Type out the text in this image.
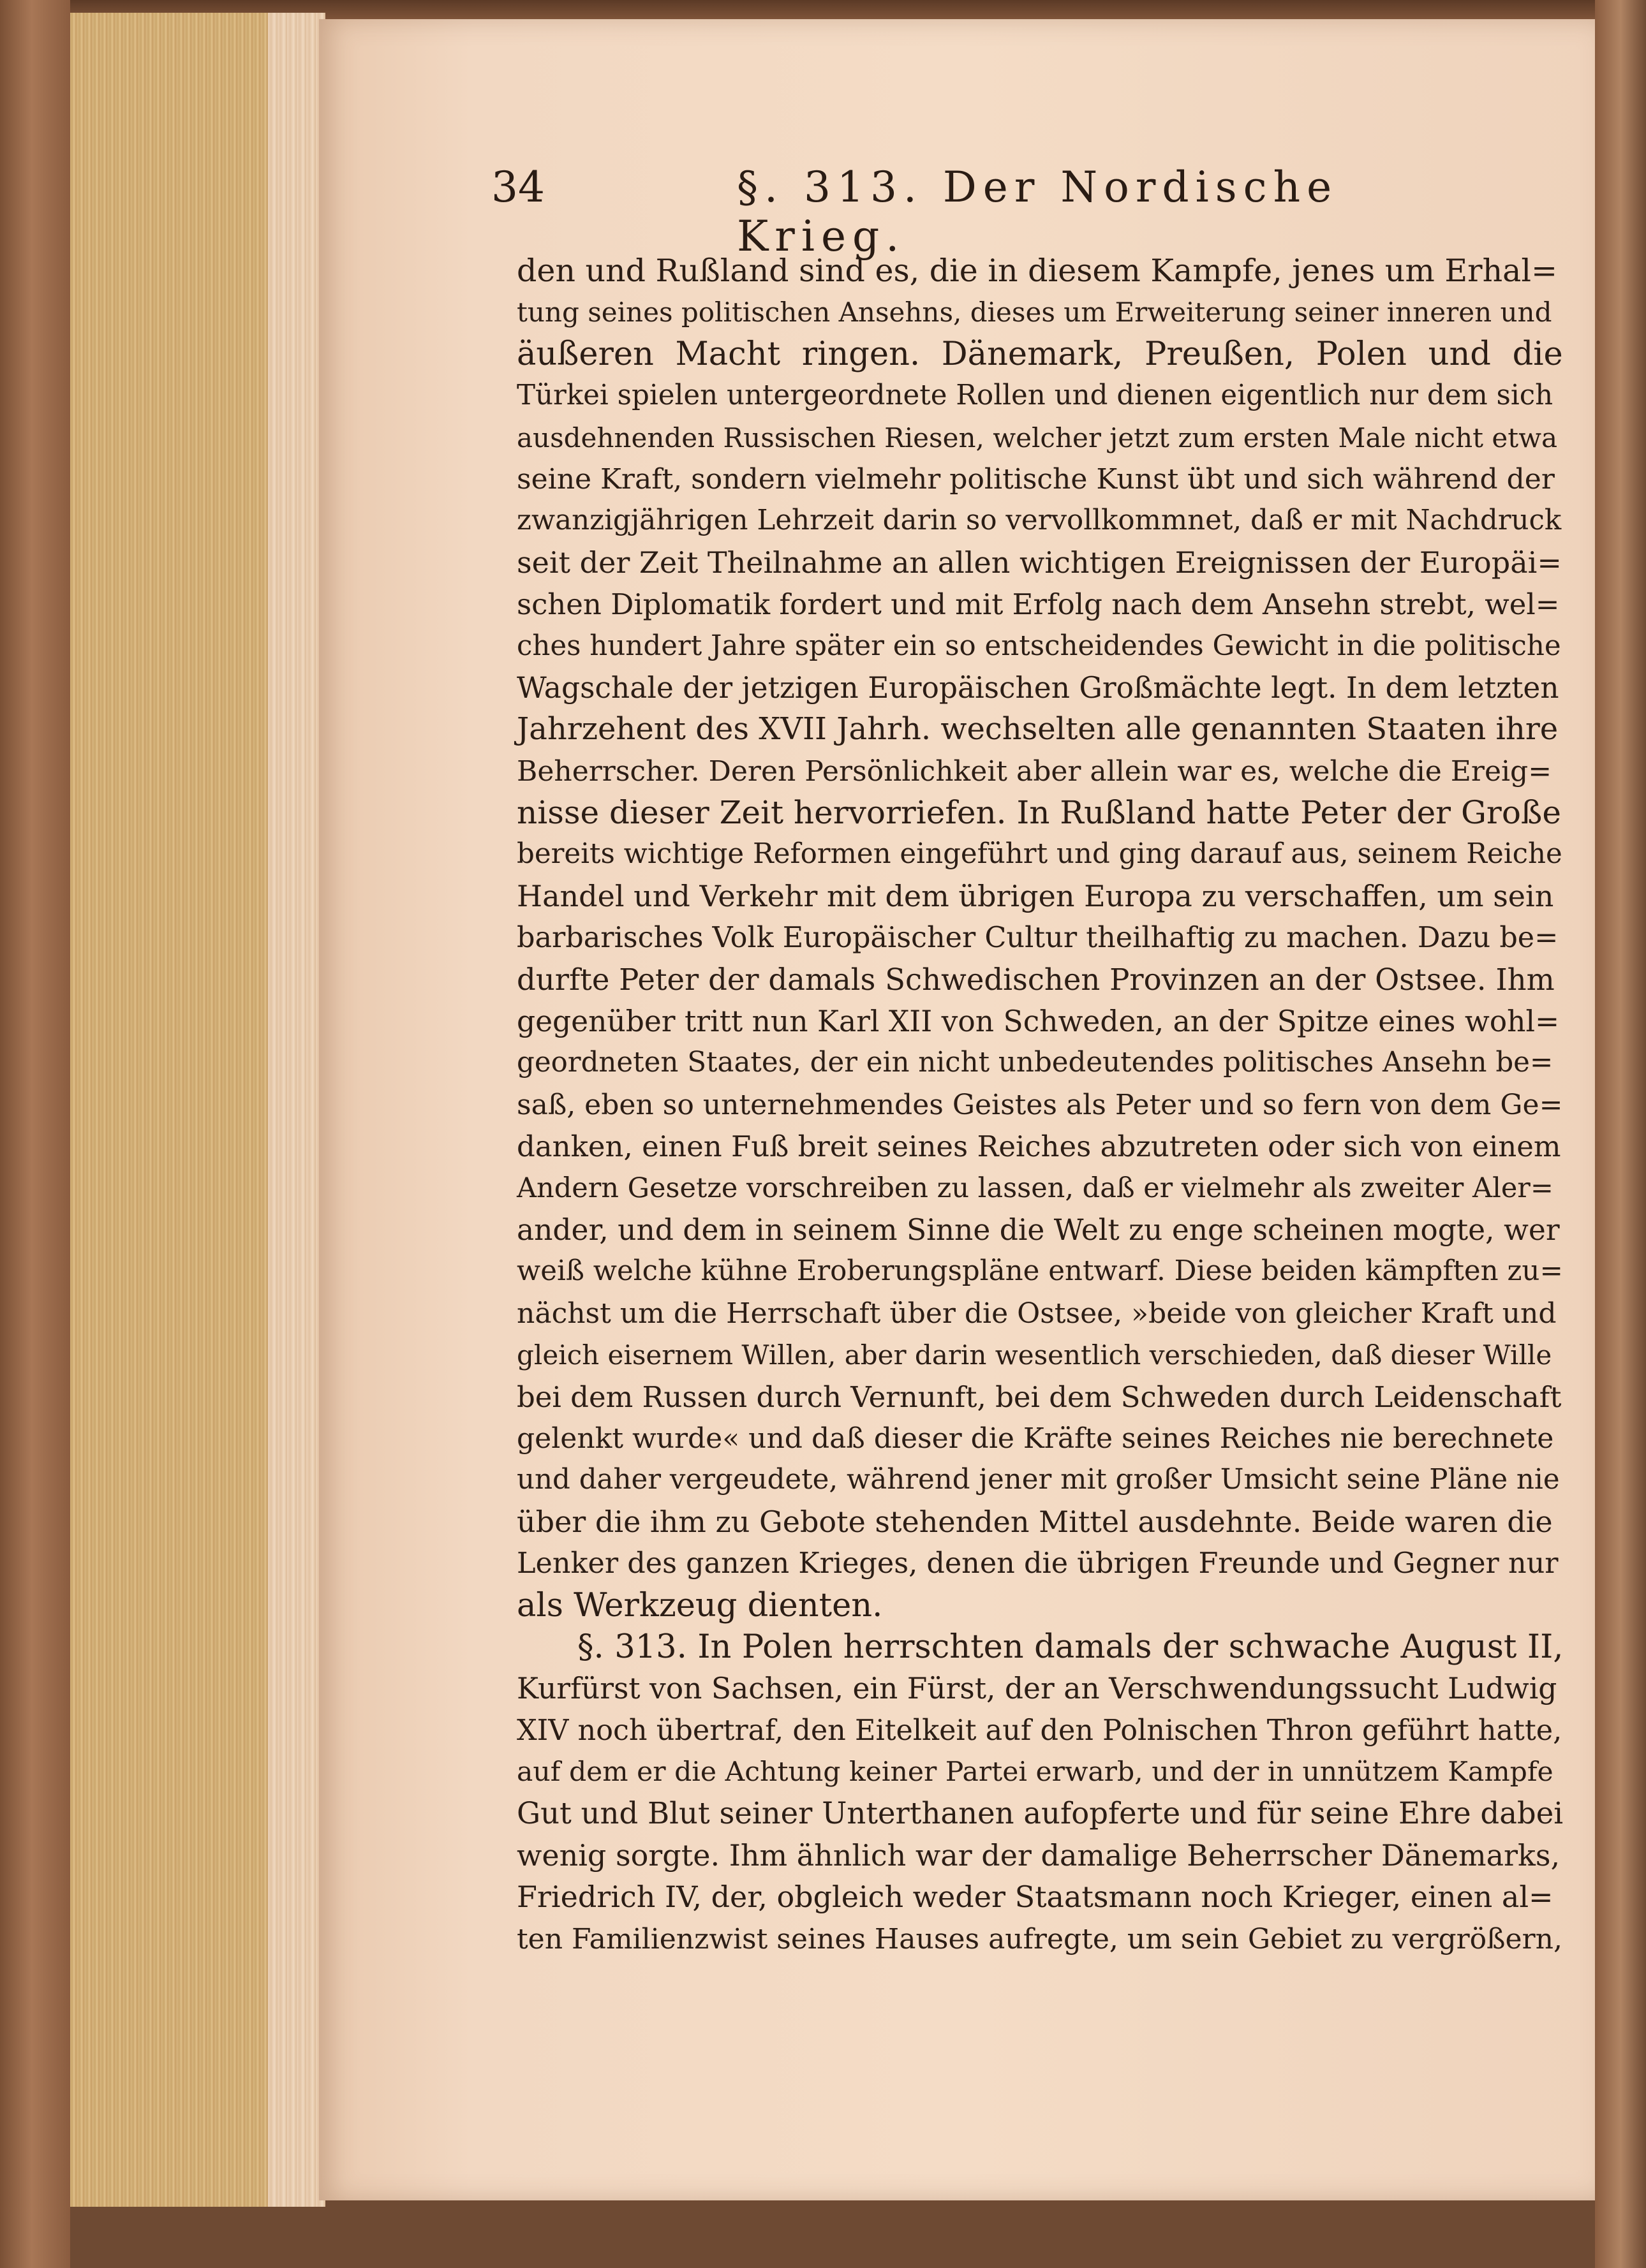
34	§. 313. Der Nordische Krieg.
den und Rußland sind es, die in diesem Kampfe, jenes um Erhal=
tung seines politischen Ansehns, dieses um Erweiterung seiner inneren und
äußeren Macht ringen. Dänemark, Preußen, Polen und die
Türkei spielen untergeordnete Rollen und dienen eigentlich nur dem sich
ausdehnenden Russischen Riesen, welcher jetzt zum ersten Male nicht etwa
seine Kraft, sondern vielmehr politische Kunst übt und sich während der
zwanzigjährigen Lehrzeit darin so vervollkommnet, daß er mit Nachdruck
seit der Zeit Theilnahme an allen wichtigen Ereignissen der Europäi=
schen Diplomatik fordert und mit Erfolg nach dem Ansehn strebt, wel=
ches hundert Jahre später ein so entscheidendes Gewicht in die politische
Wagschale der jetzigen Europäischen Großmächte legt. In dem letzten
Jahrzehent des XVII Jahrh. wechselten alle genannten Staaten ihre
Beherrscher. Deren Persönlichkeit aber allein war es, welche die Ereig=
nisse dieser Zeit hervorriefen. In Rußland hatte Peter der Große
bereits wichtige Reformen eingeführt und ging darauf aus, seinem Reiche
Handel und Verkehr mit dem übrigen Europa zu verschaffen, um sein
barbarisches Volk Europäischer Cultur theilhaftig zu machen. Dazu be=
durfte Peter der damals Schwedischen Provinzen an der Ostsee. Ihm
gegenüber tritt nun Karl XII von Schweden, an der Spitze eines wohl=
geordneten Staates, der ein nicht unbedeutendes politisches Ansehn be=
saß, eben so unternehmendes Geistes als Peter und so fern von dem Ge=
danken, einen Fuß breit seines Reiches abzutreten oder sich von einem
Andern Gesetze vorschreiben zu lassen, daß er vielmehr als zweiter Aler=
ander, und dem in seinem Sinne die Welt zu enge scheinen mogte, wer
weiß welche kühne Eroberungspläne entwarf. Diese beiden kämpften zu=
nächst um die Herrschaft über die Ostsee, »beide von gleicher Kraft und
gleich eisernem Willen, aber darin wesentlich verschieden, daß dieser Wille
bei dem Russen durch Vernunft, bei dem Schweden durch Leidenschaft
gelenkt wurde« und daß dieser die Kräfte seines Reiches nie berechnete
und daher vergeudete, während jener mit großer Umsicht seine Pläne nie
über die ihm zu Gebote stehenden Mittel ausdehnte. Beide waren die
Lenker des ganzen Krieges, denen die übrigen Freunde und Gegner nur
als Werkzeug dienten.
§. 313. In Polen herrschten damals der schwache August II,
Kurfürst von Sachsen, ein Fürst, der an Verschwendungssucht Ludwig
XIV noch übertraf, den Eitelkeit auf den Polnischen Thron geführt hatte,
auf dem er die Achtung keiner Partei erwarb, und der in unnützem Kampfe
Gut und Blut seiner Unterthanen aufopferte und für seine Ehre dabei
wenig sorgte. Ihm ähnlich war der damalige Beherrscher Dänemarks,
Friedrich IV, der, obgleich weder Staatsmann noch Krieger, einen al=
ten Familienzwist seines Hauses aufregte, um sein Gebiet zu vergrößern,
